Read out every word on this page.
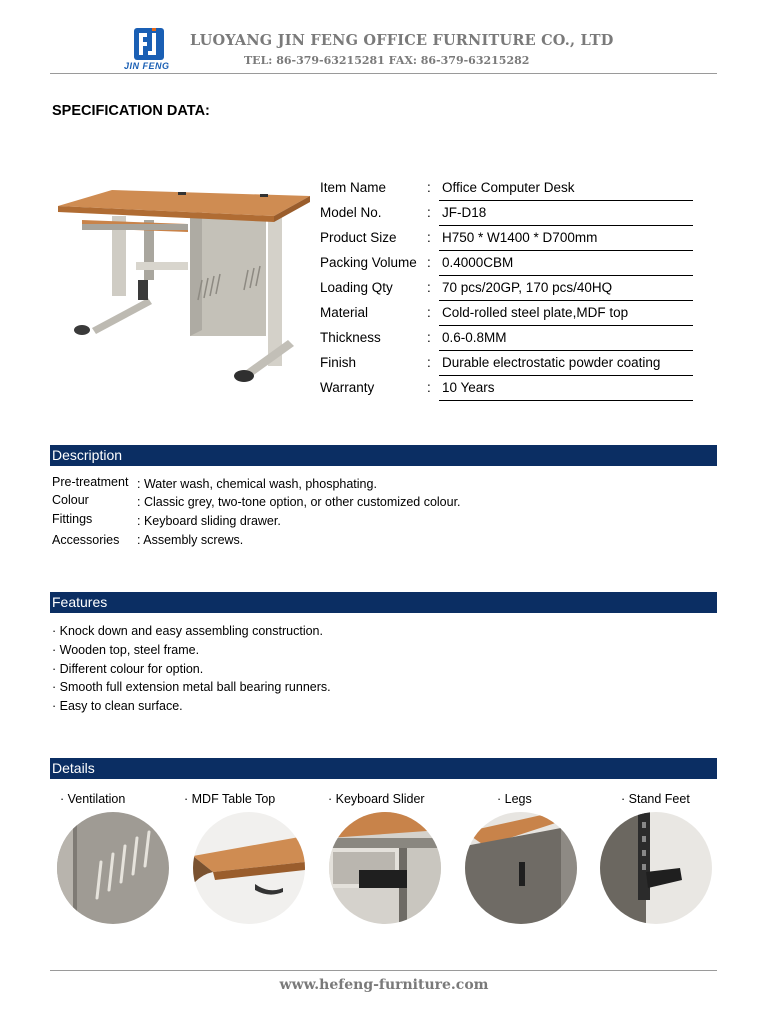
JIN FENG
LUOYANG JIN FENG OFFICE FURNITURE CO., LTD
TEL: 86-379-63215281 FAX: 86-379-63215282
SPECIFICATION DATA:
Item Name	: Office Computer Desk
Model No.	: JF-D18
Product Size : H750 * W1400 * D700mm
Packing Volume : 0.4000CBM
Loading Qty	: 70 pcs/20GP, 170 pcs/40HQ
Material	: Cold-rolled steel plate,MDF top
Thickness	: 0.6-0.8MM
Finish	: Durable electrostatic powder coating
Warranty	: 10 Years
Description
Pre-treatment : Water wash, chemical wash, phosphating.
Colour	: Classic grey, two-tone option, or other customized colour.
Fittings	: Keyboard sliding drawer.
Accessories : Assembly screws.
Features
· Knock down and easy assembling construction.
· Wooden top, steel frame.
· Different colour for option.
· Smooth full extension metal ball bearing runners.
· Easy to clean surface.
Details
· Ventilation	· MDF Table Top	· Keyboard Slider	· Legs	· Stand Feet
www.hefeng-furniture.com
